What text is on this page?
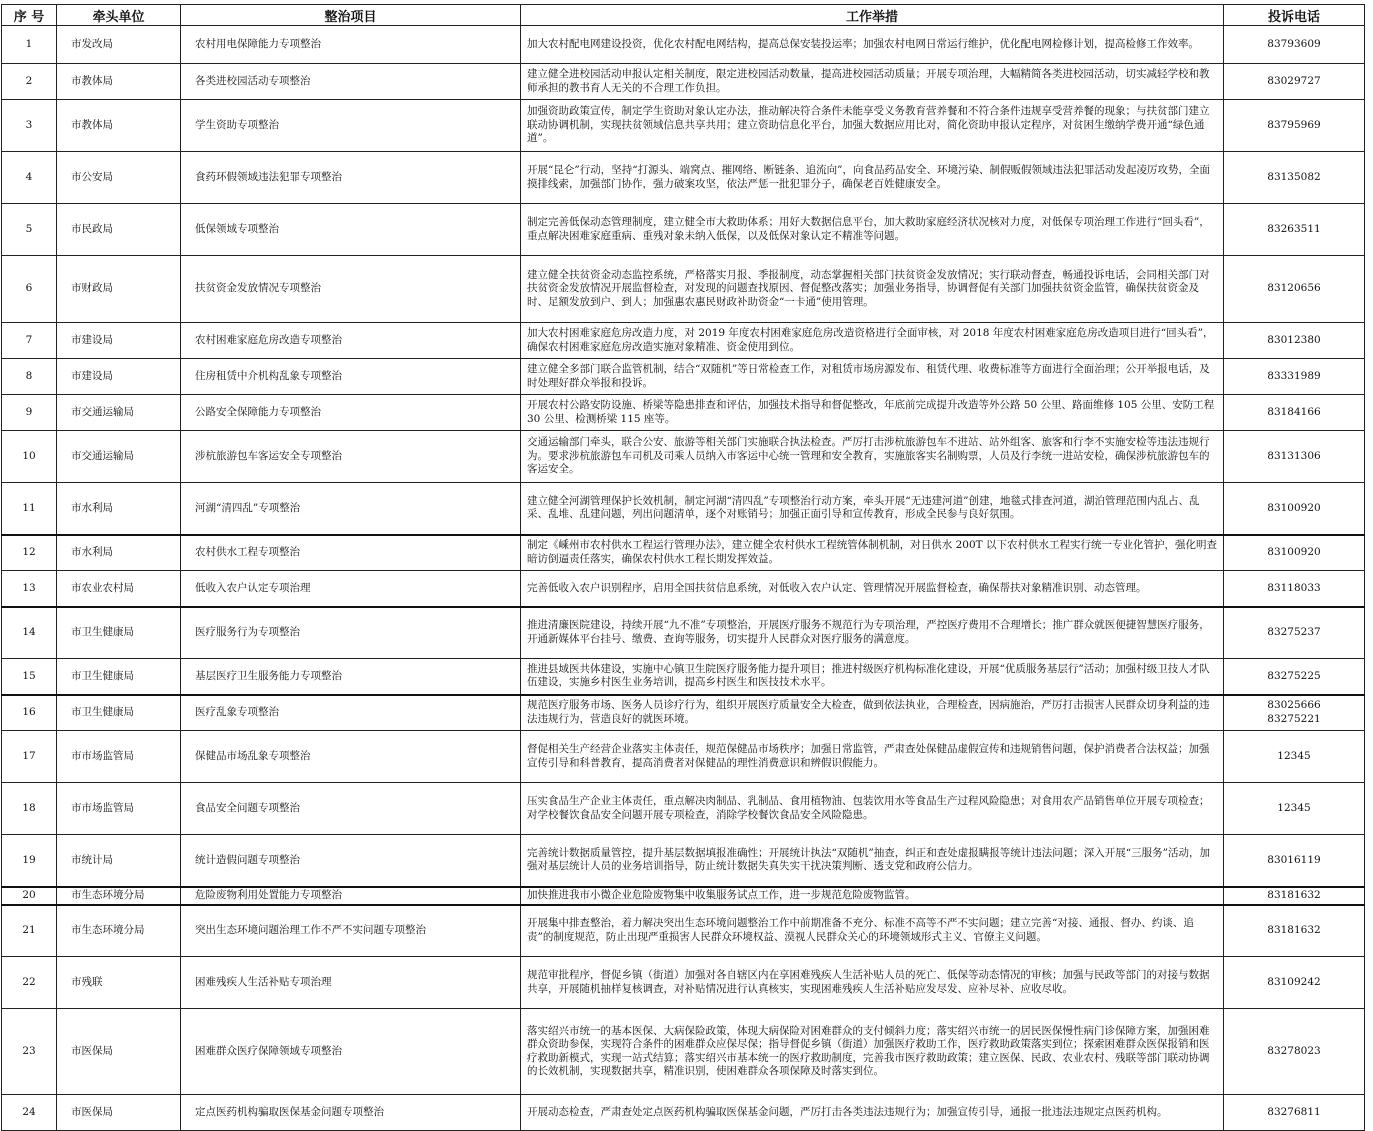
序 号	牵头单位	整治项目	工作举措	投诉电话
1	市发改局	农村用电保障能力专项整治	加大农村配电网建设投资，优化农村配电网结构，提高总保安装投运率；加强农村电网日常运行维护，优化配电网检修计划，提高检修工作效率。	83793609

2	市教体局	各类进校园活动专项整治	建立健全进校园活动申报认定相关制度，限定进校园活动数量，提高进校园活动质量；开展专项治理，大幅精简各类进校园活动，切实减轻学校和教师承担的教书育人无关的不合理工作负担。	83029727

3	市教体局	学生资助专项整治	加强资助政策宣传，制定学生资助对象认定办法，推动解决符合条件未能享受义务教育营养餐和不符合条件违规享受营养餐的现象；与扶贫部门建立联动协调机制，实现扶贫领域信息共享共用；建立资助信息化平台，加强大数据应用比对，简化资助申报认定程序，对贫困生缴纳学费开通“绿色通道”。	83795969

4	市公安局	食药环假领域违法犯罪专项整治	开展“昆仑”行动，坚持“打源头、端窝点、摧网络、断链条、追流向”，向食品药品安全、环境污染、制假贩假领域违法犯罪活动发起凌厉攻势，全面摸排线索，加强部门协作，强力破案攻坚，依法严惩一批犯罪分子，确保老百姓健康安全。	83135082

5	市民政局	低保领域专项整治	制定完善低保动态管理制度，建立健全市大救助体系；用好大数据信息平台，加大救助家庭经济状况核对力度，对低保专项治理工作进行“回头看”，重点解决困难家庭重病、重残对象未纳入低保，以及低保对象认定不精准等问题。	83263511

6	市财政局	扶贫资金发放情况专项整治	建立健全扶贫资金动态监控系统，严格落实月报、季报制度，动态掌握相关部门扶贫资金发放情况；实行联动督查，畅通投诉电话，会同相关部门对扶贫资金发放情况开展监督检查，对发现的问题查找原因、督促整改落实；加强业务指导，协调督促有关部门加强扶贫资金监管，确保扶贫资金及时、足额发放到户、到人；加强惠农惠民财政补助资金“一卡通”使用管理。	83120656

7	市建设局	农村困难家庭危房改造专项整治	加大农村困难家庭危房改造力度，对 2019 年度农村困难家庭危房改造资格进行全面审核，对 2018 年度农村困难家庭危房改造项目进行“回头看”，确保农村困难家庭危房改造实施对象精准、资金使用到位。	83012380

8	市建设局	住房租赁中介机构乱象专项整治	建立健全多部门联合监管机制，结合“双随机”等日常检查工作，对租赁市场房源发布、租赁代理、收费标准等方面进行全面治理；公开举报电话，及时处理好群众举报和投诉。	83331989

9	市交通运输局	公路安全保障能力专项整治	开展农村公路安防设施、桥梁等隐患排查和评估，加强技术指导和督促整改，年底前完成提升改造等外公路 50 公里、路面维修 105 公里、安防工程 30 公里、检测桥梁 115 座等。	83184166

10	市交通运输局	涉杭旅游包车客运安全专项整治	交通运输部门牵头，联合公安、旅游等相关部门实施联合执法检查。严厉打击涉杭旅游包车不进站、站外组客、旅客和行李不实施安检等违法违规行为。要求涉杭旅游包车司机及司乘人员纳入市客运中心统一管理和安全教育，实施旅客实名制购票，人员及行李统一进站安检，确保涉杭旅游包车的客运安全。	83131306

11	市水利局	河湖“清四乱”专项整治	建立健全河湖管理保护长效机制，制定河湖“清四乱”专项整治行动方案，牵头开展“无违建河道”创建，地毯式排查河道，湖泊管理范围内乱占、乱采、乱堆、乱建问题，列出问题清单，逐个对账销号；加强正面引导和宣传教育，形成全民参与良好氛围。	83100920

12	市水利局	农村供水工程专项整治	制定《嵊州市农村供水工程运行管理办法》，建立健全农村供水工程统管体制机制，对日供水 200T 以下农村供水工程实行统一专业化管护，强化明查暗访倒逼责任落实，确保农村供水工程长期发挥效益。	83100920

13	市农业农村局	低收入农户认定专项治理	完善低收入农户识别程序，启用全国扶贫信息系统，对低收入农户认定、管理情况开展监督检查，确保帮扶对象精准识别、动态管理。	83118033

14	市卫生健康局	医疗服务行为专项整治	推进清廉医院建设，持续开展“九不准”专项整治，开展医疗服务不规范行为专项治理，严控医疗费用不合理增长；推广群众就医便捷智慧医疗服务，开通新媒体平台挂号、缴费、查询等服务，切实提升人民群众对医疗服务的满意度。	83275237

15	市卫生健康局	基层医疗卫生服务能力专项整治	推进县域医共体建设，实施中心镇卫生院医疗服务能力提升项目；推进村级医疗机构标准化建设，开展“优质服务基层行”活动；加强村级卫技人才队伍建设，实施乡村医生业务培训，提高乡村医生和医技技术水平。	83275225

16	市卫生健康局	医疗乱象专项整治	规范医疗服务市场、医务人员诊疗行为，组织开展医疗质量安全大检查，做到依法执业，合理检查，因病施治，严厉打击损害人民群众切身利益的违法违规行为，营造良好的就医环境。	83025666
83275221

17	市市场监管局	保健品市场乱象专项整治	督促相关生产经营企业落实主体责任，规范保健品市场秩序；加强日常监管，严肃查处保健品虚假宣传和违规销售问题，保护消费者合法权益；加强宣传引导和科普教育，提高消费者对保健品的理性消费意识和辨假识假能力。	12345

18	市市场监管局	食品安全问题专项整治	压实食品生产企业主体责任，重点解决肉制品、乳制品、食用植物油、包装饮用水等食品生产过程风险隐患；对食用农产品销售单位开展专项检查；对学校餐饮食品安全问题开展专项检查，消除学校餐饮食品安全风险隐患。	12345

19	市统计局	统计造假问题专项整治	完善统计数据质量管控，提升基层数据填报准确性；开展统计执法“双随机”抽查，纠正和查处虚报瞒报等统计违法问题；深入开展“三服务”活动，加强对基层统计人员的业务培训指导，防止统计数据失真失实干扰决策判断、透支党和政府公信力。	83016119

20	市生态环境分局	危险废物利用处置能力专项整治	加快推进我市小微企业危险废物集中收集服务试点工作，进一步规范危险废物监管。	83181632

21	市生态环境分局	突出生态环境问题治理工作不严不实问题专项整治	开展集中排查整治，着力解决突出生态环境问题整治工作中前期准备不充分、标准不高等不严不实问题；建立完善“对接、通报、督办、约谈、追责”的制度规范，防止出现严重损害人民群众环境权益、漠视人民群众关心的环境领域形式主义、官僚主义问题。	83181632

22	市残联	困难残疾人生活补贴专项治理	规范审批程序，督促乡镇（街道）加强对各自辖区内在享困难残疾人生活补贴人员的死亡、低保等动态情况的审核；加强与民政等部门的对接与数据共享，开展随机抽样复核调查，对补贴情况进行认真核实，实现困难残疾人生活补贴应发尽发、应补尽补、应收尽收。	83109242

23	市医保局	困难群众医疗保障领域专项整治	落实绍兴市统一的基本医保、大病保险政策，体现大病保险对困难群众的支付倾斜力度；落实绍兴市统一的居民医保慢性病门诊保障方案，加强困难群众资助参保，实现符合条件的困难群众应保尽保；指导督促乡镇（街道）加强医疗救助工作，医疗救助政策落实到位；探索困难群众医保报销和医疗救助新模式，实现一站式结算；落实绍兴市基本统一的医疗救助制度，完善我市医疗救助政策；建立医保、民政、农业农村、残联等部门联动协调的长效机制，实现数据共享，精准识别，使困难群众各项保障及时落实到位。	83278023

24	市医保局	定点医药机构骗取医保基金问题专项整治	开展动态检查，严肃查处定点医药机构骗取医保基金问题，严厉打击各类违法违规行为；加强宣传引导，通报一批违法违规定点医药机构。	83276811
